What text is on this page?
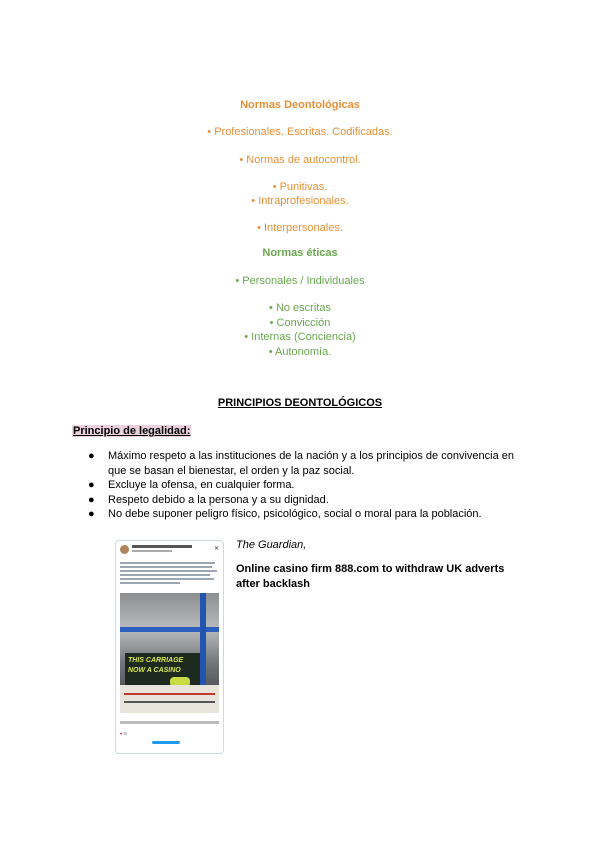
Normas Deontológicas
• Profesionales. Escritas. Codificadas.
• Normas de autocontrol.
• Punitivas.
• Intraprofesionales.
• Interpersonales.
Normas éticas
• Personales / Individuales
• No escritas
• Convicción
• Internas (Conciencia)
• Autonomía.
PRINCIPIOS DEONTOLÓGICOS
Principio de legalidad:
● Máximo respeto a las instituciones de la nación y a los principios de convivencia en que se basan el bienestar, el orden y la paz social.
● Excluye la ofensa, en cualquier forma.
● Respeto debido a la persona y a su dignidad.
● No debe suponer peligro físico, psicológico, social o moral para la población.
✕
THIS CARRIAGE
NOW A CASINO
♥ ✉
The Guardian,
Online casino firm 888.com to withdraw UK adverts after backlash
